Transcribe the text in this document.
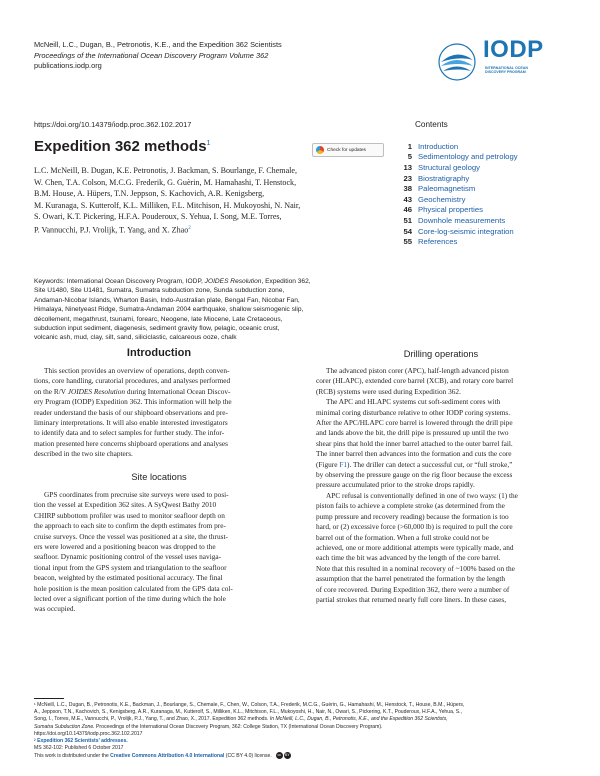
McNeill, L.C., Dugan, B., Petronotis, K.E., and the Expedition 362 Scientists
Proceedings of the International Ocean Discovery Program Volume 362
publications.iodp.org
IODP
INTERNATIONAL OCEAN
DISCOVERY PROGRAM
https://doi.org/10.14379/iodp.proc.362.102.2017
Expedition 362 methods$^1$
Check for updates
L.C. McNeill, B. Dugan, K.E. Petronotis, J. Backman, S. Bourlange, F. Chemale,
W. Chen, T.A. Colson, M.C.G. Frederik, G. Guèrin, M. Hamahashi, T. Henstock,
B.M. House, A. Hüpers, T.N. Jeppson, S. Kachovich, A.R. Kenigsberg,
M. Kuranaga, S. Kutterolf, K.L. Milliken, F.L. Mitchison, H. Mukoyoshi, N. Nair,
S. Owari, K.T. Pickering, H.F.A. Pouderoux, S. Yehua, I. Song, M.E. Torres,
P. Vannucchi, P.J. Vrolijk, T. Yang, and X. Zhao$^2$
Keywords: International Ocean Discovery Program, IODP, JOIDES Resolution, Expedition 362,
Site U1480, Site U1481, Sumatra, Sumatra subduction zone, Sunda subduction zone,
Andaman-Nicobar Islands, Wharton Basin, Indo-Australian plate, Bengal Fan, Nicobar Fan,
Himalaya, Ninetyeast Ridge, Sumatra-Andaman 2004 earthquake, shallow seismogenic slip,
décollement, megathrust, tsunami, forearc, Neogene, late Miocene, Late Cretaceous,
subduction input sediment, diagenesis, sediment gravity flow, pelagic, oceanic crust,
volcanic ash, mud, clay, silt, sand, siliciclastic, calcareous ooze, chalk
Contents
1 Introduction
5 Sedimentology and petrology
13 Structural geology
23 Biostratigraphy
38 Paleomagnetism
43 Geochemistry
46 Physical properties
51 Downhole measurements
54 Core-log-seismic integration
55 References
Introduction

This section provides an overview of operations, depth conven-

tions, core handling, curatorial procedures, and analyses performed

on the R/V JOIDES Resolution during International Ocean Discov-

ery Program (IODP) Expedition 362. This information will help the

reader understand the basis of our shipboard observations and pre-

liminary interpretations. It will also enable interested investigators

to identify data and to select samples for further study. The infor-

mation presented here concerns shipboard operations and analyses

described in the two site chapters.

Site locations

GPS coordinates from precruise site surveys were used to posi-

tion the vessel at Expedition 362 sites. A SyQwest Bathy 2010

CHIRP subbottom profiler was used to monitor seafloor depth on

the approach to each site to confirm the depth estimates from pre-

cruise surveys. Once the vessel was positioned at a site, the thrust-

ers were lowered and a positioning beacon was dropped to the

seafloor. Dynamic positioning control of the vessel uses naviga-

tional input from the GPS system and triangulation to the seafloor

beacon, weighted by the estimated positional accuracy. The final

hole position is the mean position calculated from the GPS data col-

lected over a significant portion of the time during which the hole

was occupied.

Drilling operations

The advanced piston corer (APC), half-length advanced piston

corer (HLAPC), extended core barrel (XCB), and rotary core barrel

(RCB) systems were used during Expedition 362.

The APC and HLAPC systems cut soft-sediment cores with

minimal coring disturbance relative to other IODP coring systems.

After the APC/HLAPC core barrel is lowered through the drill pipe

and lands above the bit, the drill pipe is pressured up until the two

shear pins that hold the inner barrel attached to the outer barrel fail.

The inner barrel then advances into the formation and cuts the core

(Figure F1). The driller can detect a successful cut, or “full stroke,”

by observing the pressure gauge on the rig floor because the excess

pressure accumulated prior to the stroke drops rapidly.

APC refusal is conventionally defined in one of two ways: (1) the

piston fails to achieve a complete stroke (as determined from the

pump pressure and recovery reading) because the formation is too

hard, or (2) excessive force (>60,000 lb) is required to pull the core

barrel out of the formation. When a full stroke could not be

achieved, one or more additional attempts were typically made, and

each time the bit was advanced by the length of the core barrel.

Note that this resulted in a nominal recovery of ~100% based on the

assumption that the barrel penetrated the formation by the length

of core recovered. During Expedition 362, there were a number of

partial strokes that returned nearly full core liners. In these cases,

¹ McNeill, L.C., Dugan, B., Petronotis, K.E., Backman, J., Bourlange, S., Chemale, F., Chen, W., Colson, T.A., Frederik, M.C.G., Guèrin, G., Hamahashi, M., Henstock, T., House, B.M., Hüpers,
A., Jeppson, T.N., Kachovich, S., Kenigsberg, A.R., Kuranaga, M., Kutterolf, S., Milliken, K.L., Mitchison, F.L., Mukoyoshi, H., Nair, N., Owari, S., Pickering, K.T., Pouderoux, H.F.A., Yehua, S.,
Song, I., Torres, M.E., Vannucchi, P., Vrolijk, P.J., Yang, T., and Zhao, X., 2017. Expedition 362 methods. In McNeill, L.C., Dugan, B., Petronotis, K.E., and the Expedition 362 Scientists,
Sumatra Subduction Zone. Proceedings of the International Ocean Discovery Program, 362: College Station, TX (International Ocean Discovery Program).
https://doi.org/10.14379/iodp.proc.362.102.2017
² Expedition 362 Scientists’ addresses.
MS 362-102: Published 6 October 2017
This work is distributed under the Creative Commons Attribution 4.0 International (CC BY 4.0) license.	cc	BY
